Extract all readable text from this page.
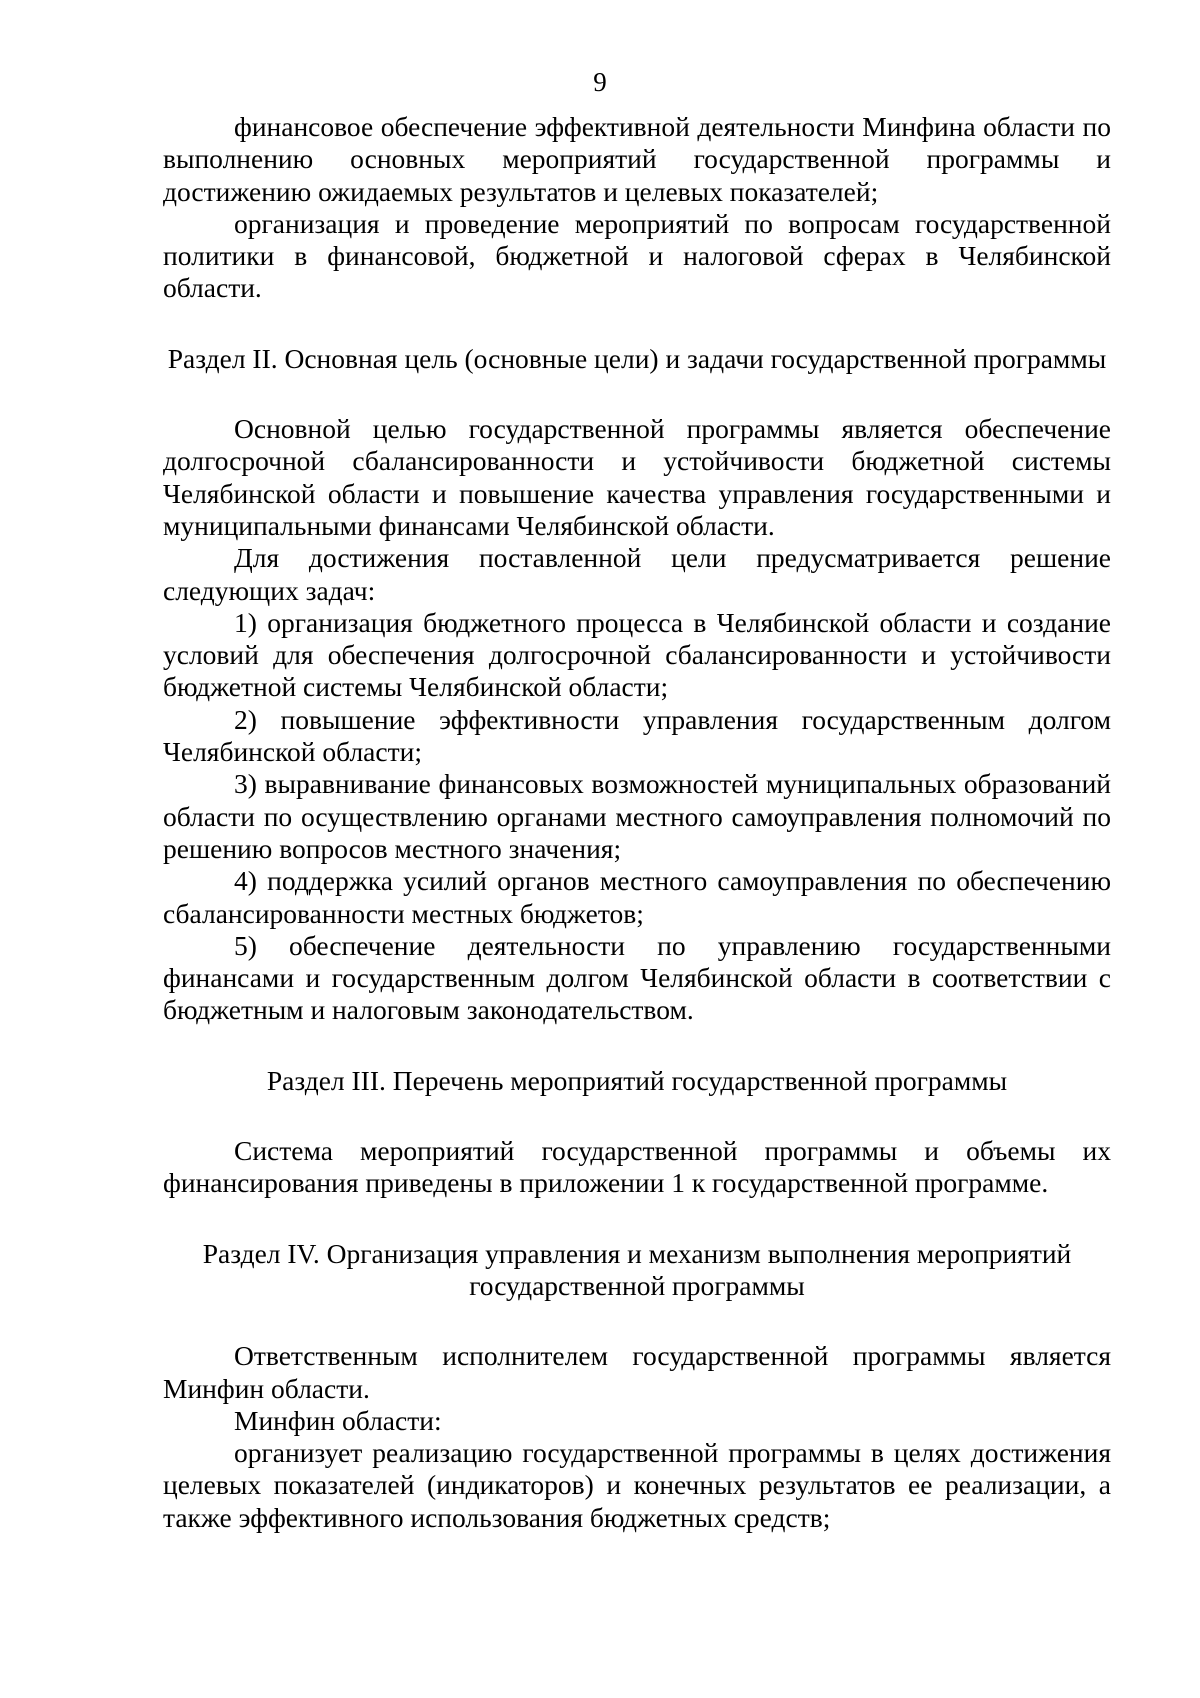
9

финансовое обеспечение эффективной деятельности Минфина области по выполнению основных мероприятий государственной программы и достижению ожидаемых результатов и целевых показателей;

организация и проведение мероприятий по вопросам государственной политики в финансовой, бюджетной и налоговой сферах в Челябинской области.

Раздел II. Основная цель (основные цели) и задачи государственной программы

Основной целью государственной программы является обеспечение долгосрочной сбалансированности и устойчивости бюджетной системы Челябинской области и повышение качества управления государственными и муниципальными финансами Челябинской области.

Для достижения поставленной цели предусматривается решение следующих задач:

1) организация бюджетного процесса в Челябинской области и создание условий для обеспечения долгосрочной сбалансированности и устойчивости бюджетной системы Челябинской области;

2) повышение эффективности управления государственным долгом Челябинской области;

3) выравнивание финансовых возможностей муниципальных образований области по осуществлению органами местного самоуправления полномочий по решению вопросов местного значения;

4) поддержка усилий органов местного самоуправления по обеспечению сбалансированности местных бюджетов;

5) обеспечение деятельности по управлению государственными финансами и государственным долгом Челябинской области в соответствии с бюджетным и налоговым законодательством.

Раздел III. Перечень мероприятий государственной программы

Система мероприятий государственной программы и объемы их финансирования приведены в приложении 1 к государственной программе.

Раздел IV. Организация управления и механизм выполнения мероприятий

государственной программы

Ответственным исполнителем государственной программы является Минфин области.

Минфин области:

организует реализацию государственной программы в целях достижения целевых показателей (индикаторов) и конечных результатов ее реализации, а также эффективного использования бюджетных средств;
